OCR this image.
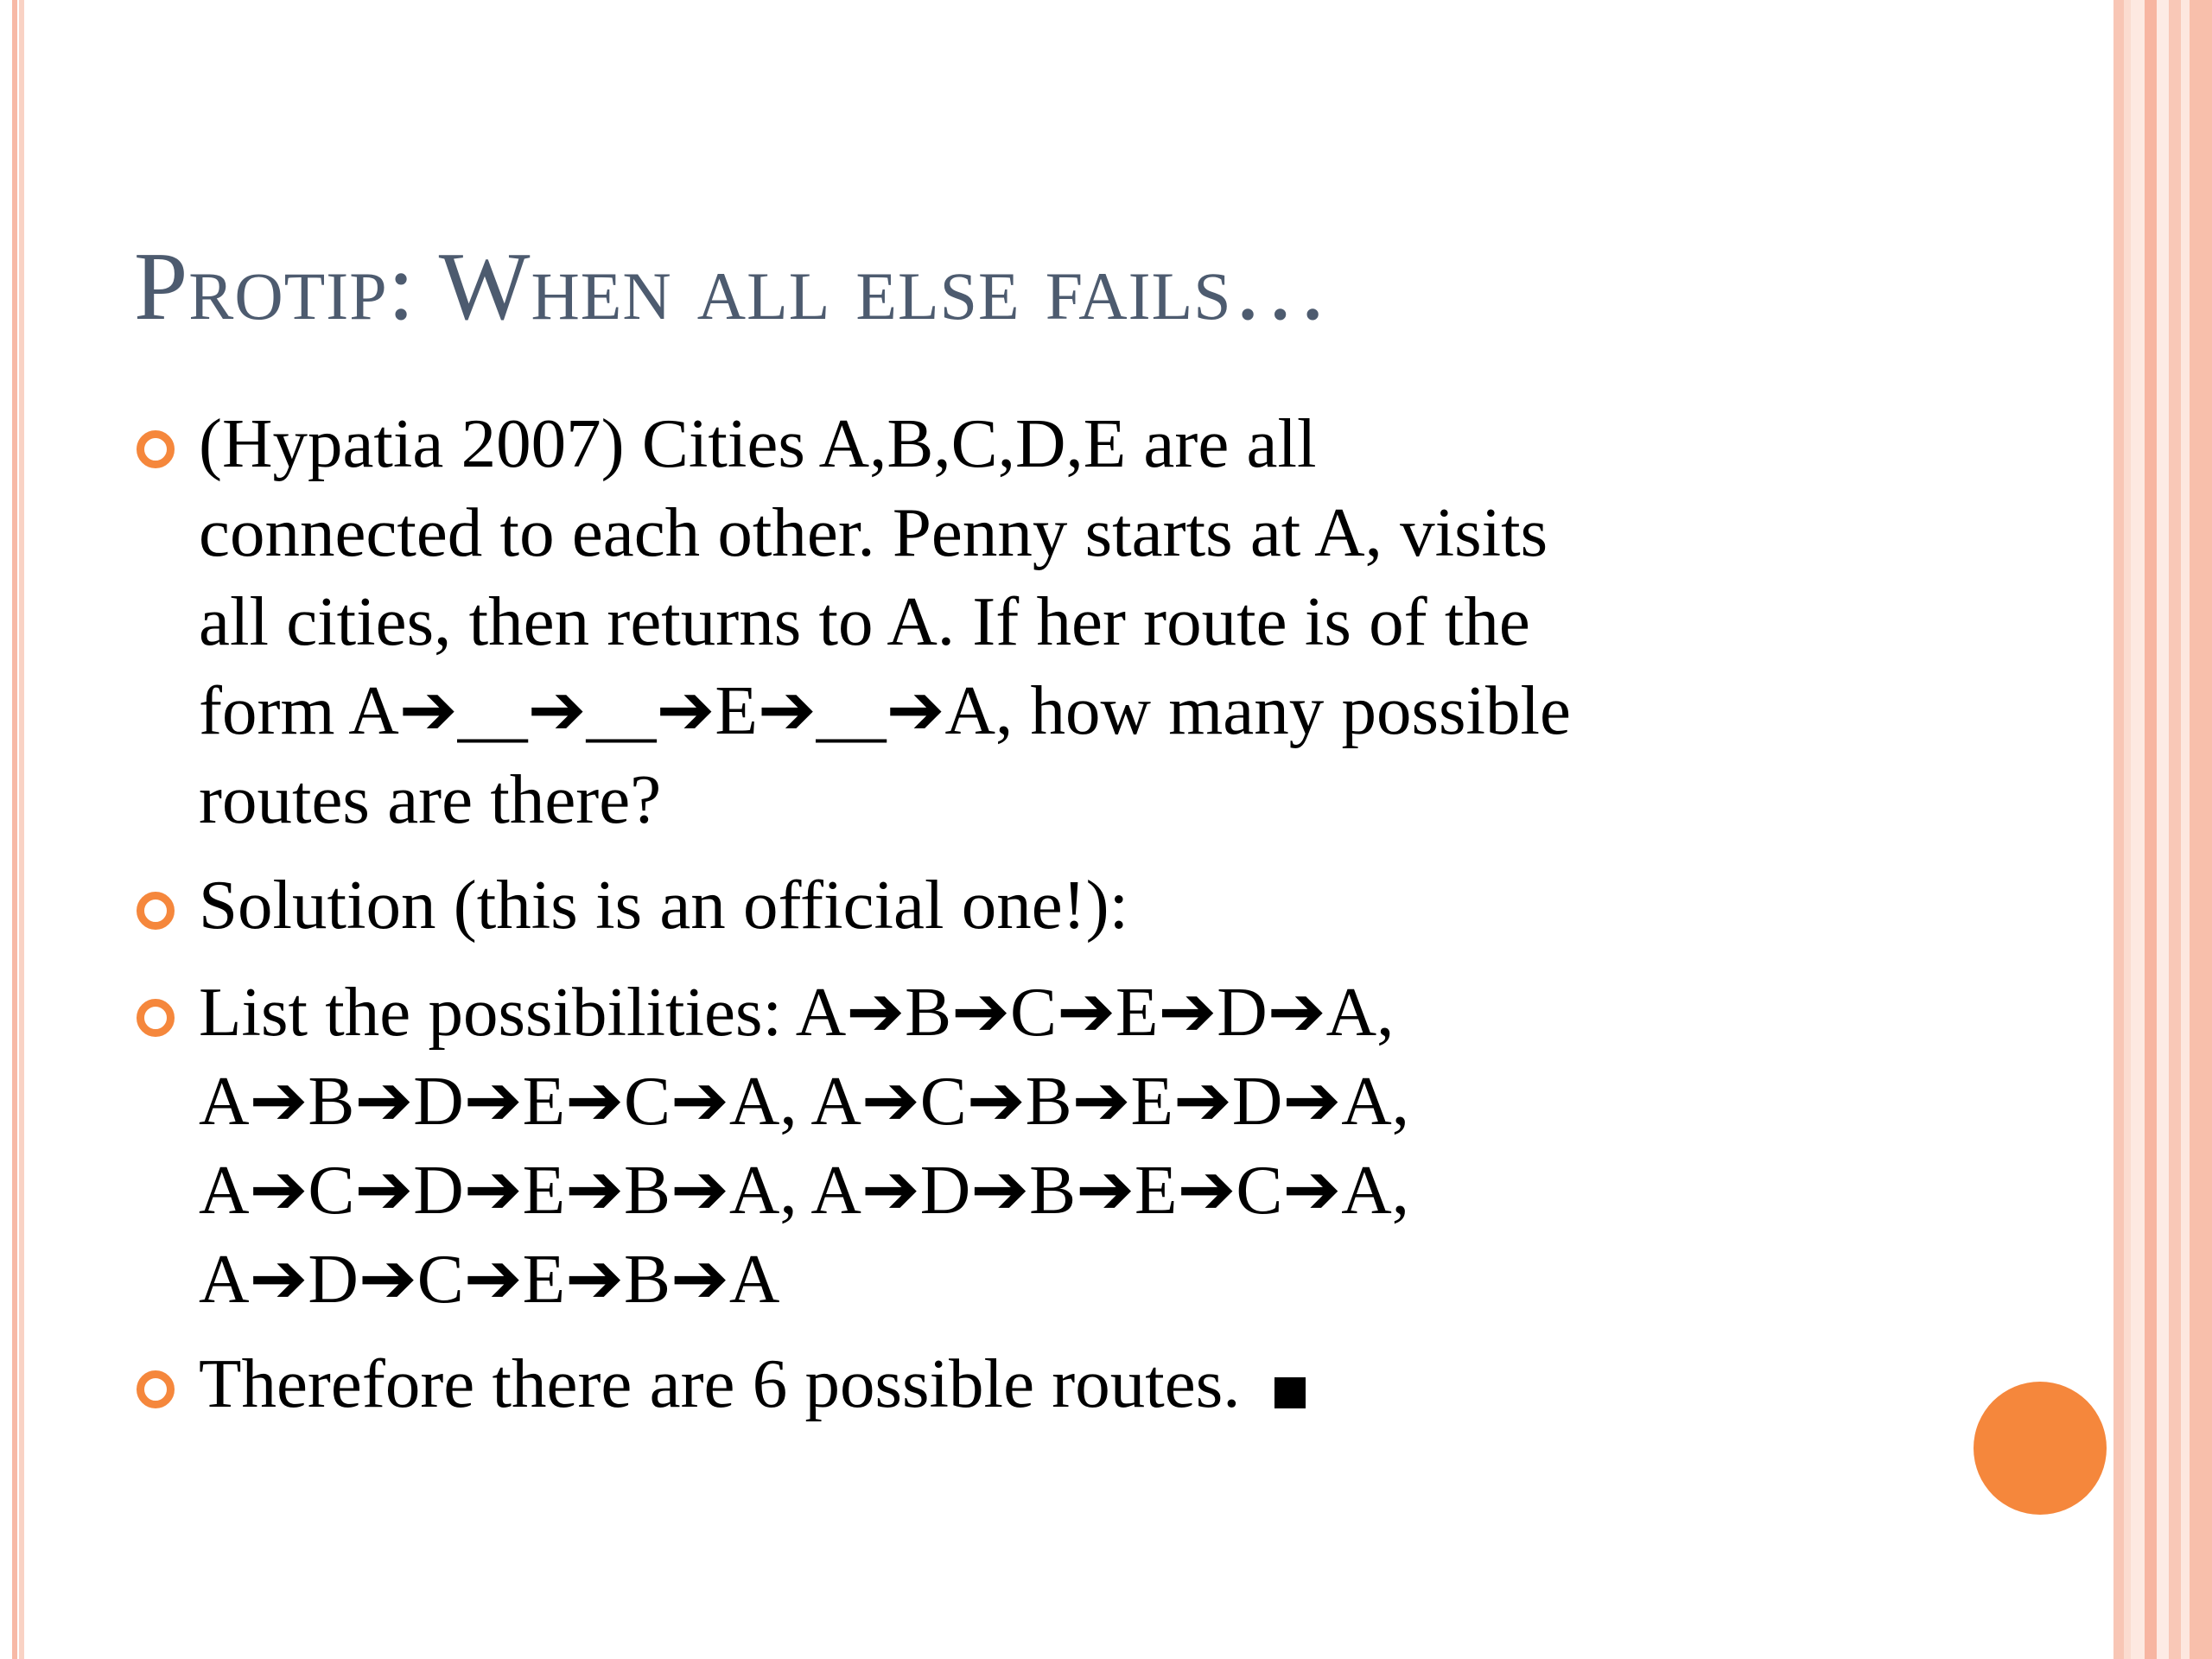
Protip: When all else fails…
(Hypatia 2007) Cities A,B,C,D,E are all
connected to each other. Penny starts at A, visits
all cities, then returns to A. If her route is of the
form A➔__➔__➔E➔__➔A, how many possible
routes are there?
Solution (this is an official one!):
List the possibilities: A➔B➔C➔E➔D➔A,
A➔B➔D➔E➔C➔A, A➔C➔B➔E➔D➔A,
A➔C➔D➔E➔B➔A, A➔D➔B➔E➔C➔A,
A➔D➔C➔E➔B➔A
Therefore there are 6 possible routes.
